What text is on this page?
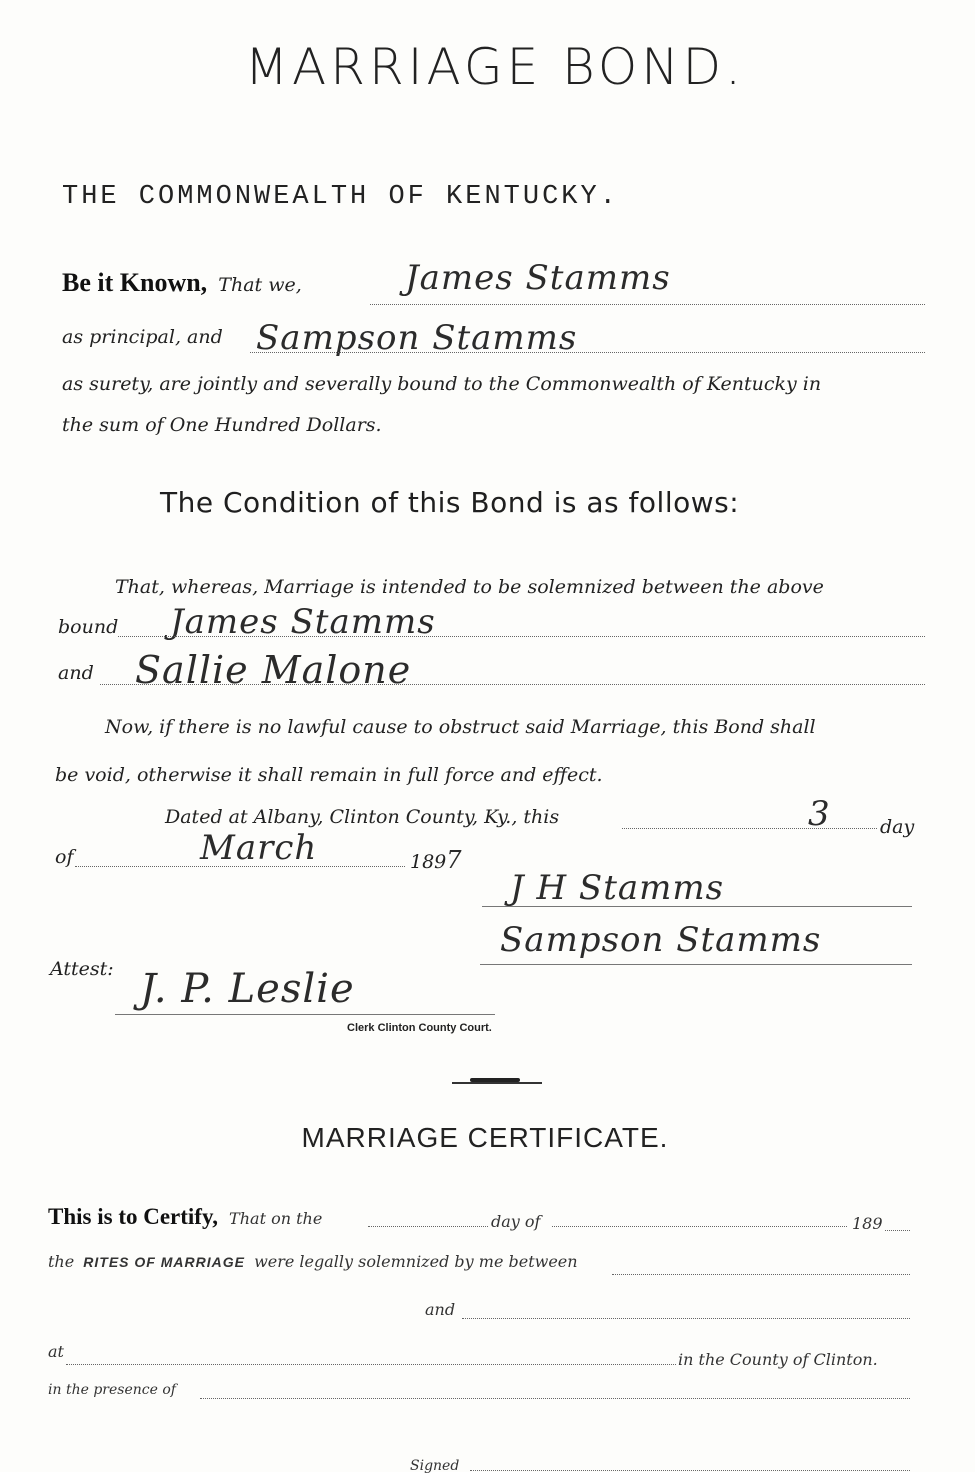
MARRIAGE BOND.
THE COMMONWEALTH OF KENTUCKY.
Be it Known, That we,	James Stamms
as principal, and Sampson Stamms
as surety, are jointly and severally bound to the Commonwealth of Kentucky in
the sum of One Hundred Dollars.
The Condition of this Bond is as follows:
That, whereas, Marriage is intended to be solemnized between the above
bound James Stamms
and Sallie Malone
Now, if there is no lawful cause to obstruct said Marriage, this Bond shall
be void, otherwise it shall remain in full force and effect.
Dated at Albany, Clinton County, Ky., this	3	day
of	March	1897
J H Stamms
Sampson Stamms
Attest: J. P. Leslie
Clerk Clinton County Court.
MARRIAGE CERTIFICATE.
This is to Certify, That on the	day of	189
the RITES OF MARRIAGE were legally solemnized by me between
and
at	in the County of Clinton.
in the presence of
Signed
